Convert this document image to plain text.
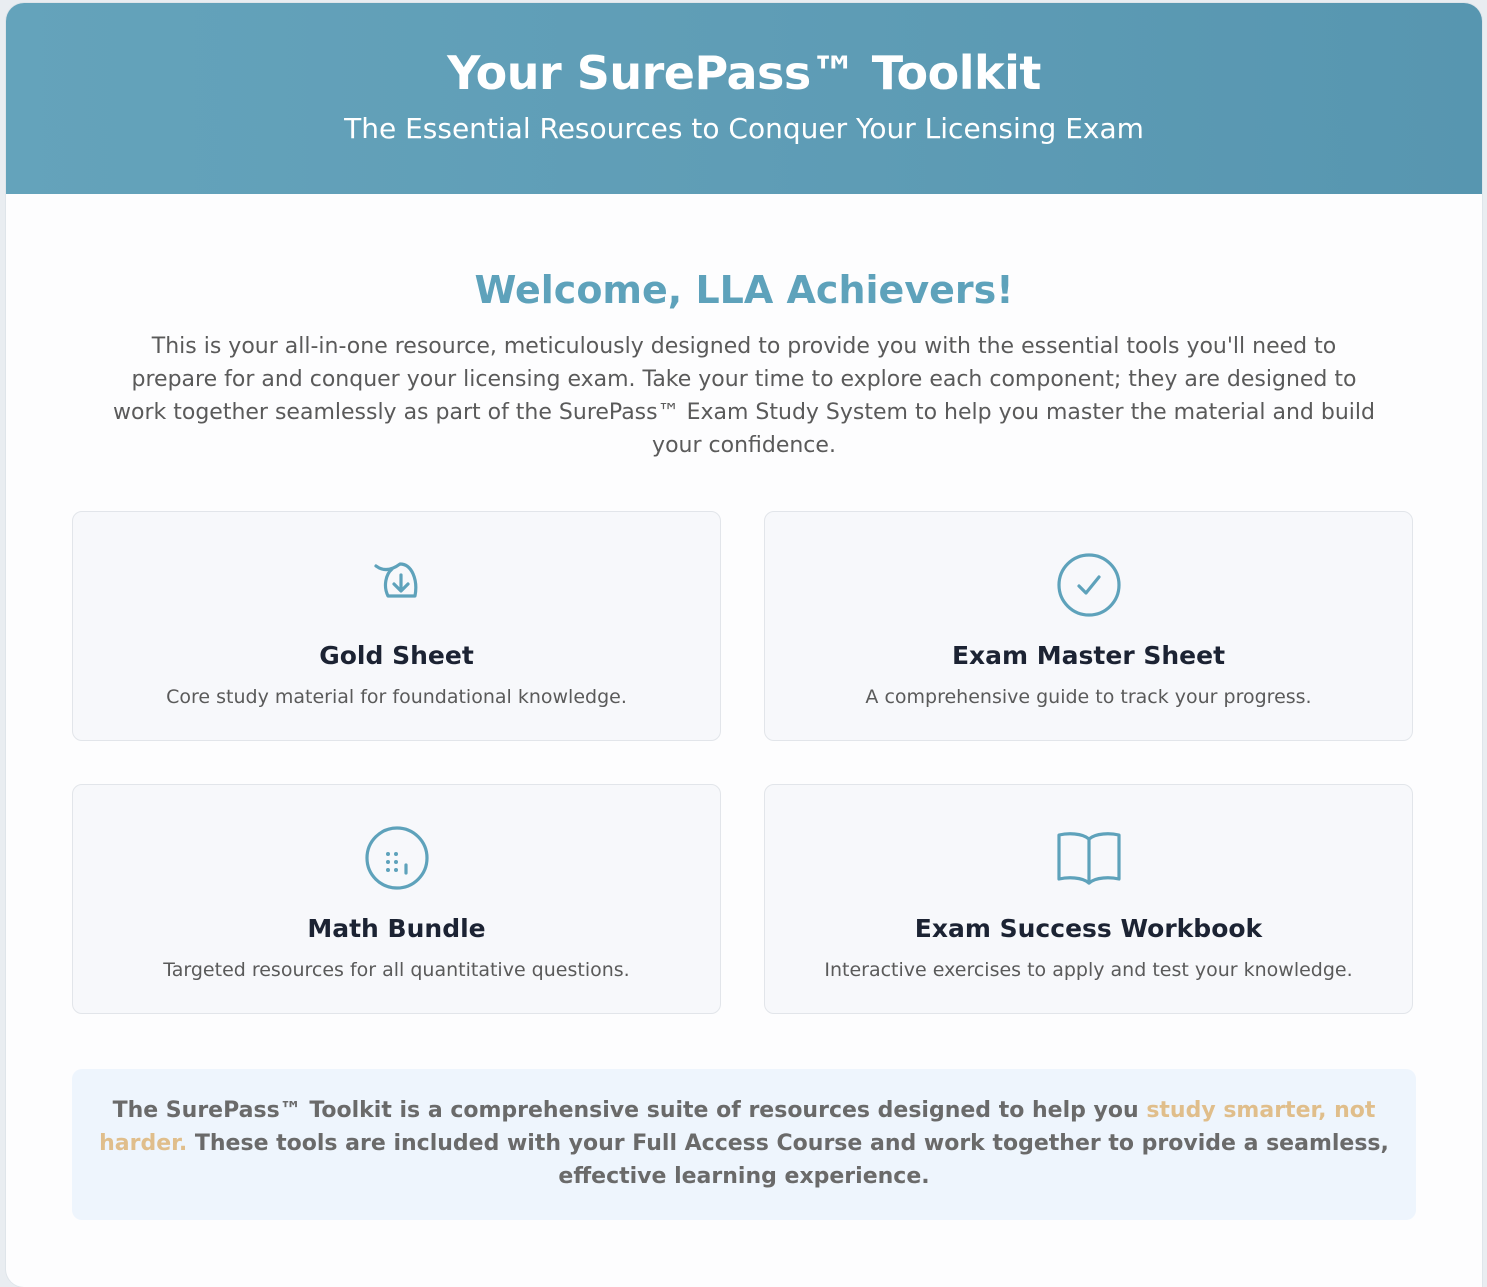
Your SurePass™ Toolkit

The Essential Resources to Conquer Your Licensing Exam

Welcome, LLA Achievers!

This is your all-in-one resource, meticulously designed to provide you with the essential tools you'll need to prepare for and conquer your licensing exam. Take your time to explore each component; they are designed to work together seamlessly as part of the SurePass™ Exam Study System to help you master the material and build your confidence.

Gold Sheet
Core study material for foundational knowledge.
Exam Master Sheet
A comprehensive guide to track your progress.
Math Bundle
Targeted resources for all quantitative questions.
Exam Success Workbook
Interactive exercises to apply and test your knowledge.
The SurePass™ Toolkit is a comprehensive suite of resources designed to help you study smarter, not harder. These tools are included with your Full Access Course and work together to provide a seamless, effective learning experience.
